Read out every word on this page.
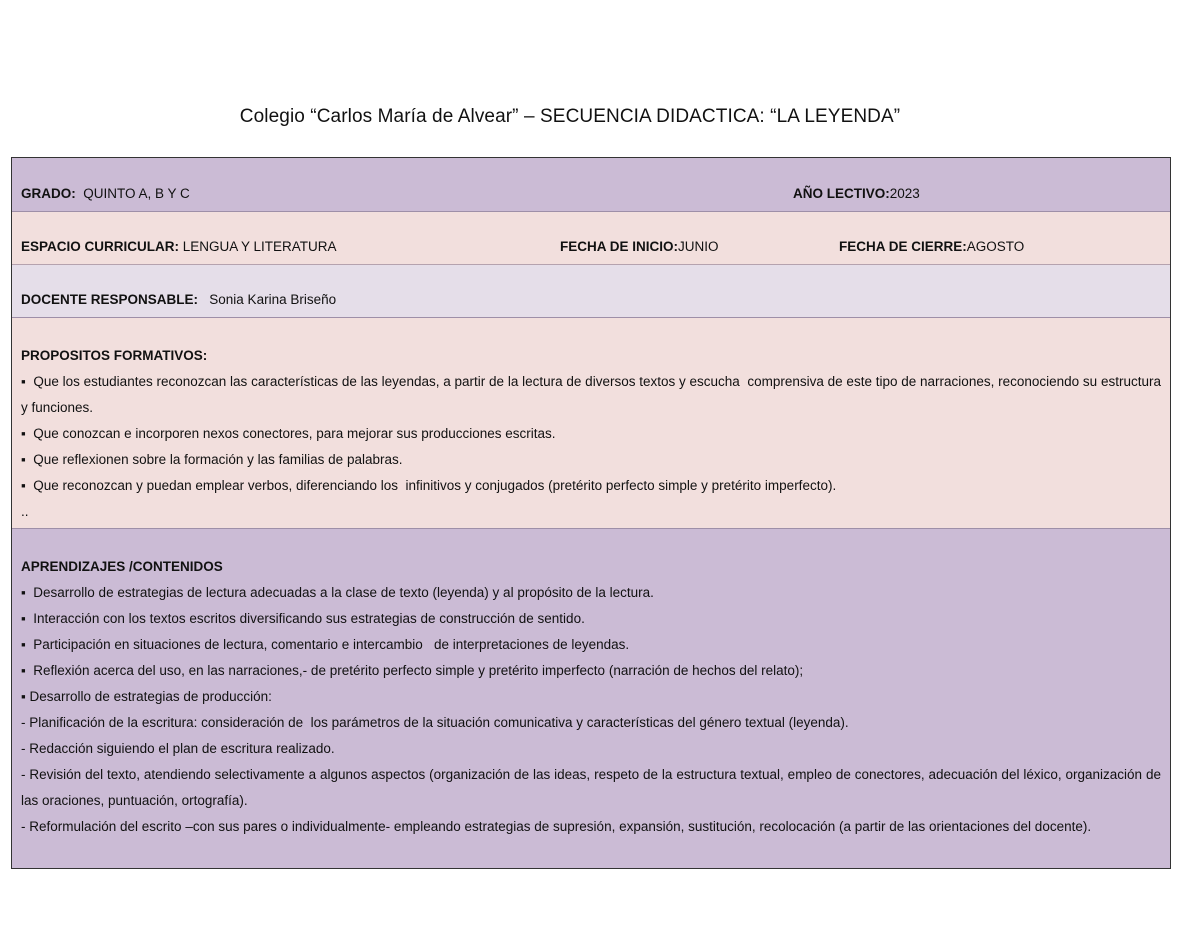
Colegio “Carlos María de Alvear” – SECUENCIA DIDACTICA: “LA LEYENDA”
GRADO:  QUINTO A, B Y C	AÑO LECTIVO:2023
ESPACIO CURRICULAR: LENGUA Y LITERATURA	FECHA DE INICIO:JUNIO	FECHA DE CIERRE:AGOSTO
DOCENTE RESPONSABLE:   Sonia Karina Briseño

PROPOSITOS FORMATIVOS:

▪  Que los estudiantes reconozcan las características de las leyendas, a partir de la lectura de diversos textos y escucha  comprensiva de este tipo de narraciones, reconociendo su estructura y funciones.

▪  Que conozcan e incorporen nexos conectores, para mejorar sus producciones escritas.

▪  Que reflexionen sobre la formación y las familias de palabras.

▪  Que reconozcan y puedan emplear verbos, diferenciando los  infinitivos y conjugados (pretérito perfecto simple y pretérito imperfecto).

..

APRENDIZAJES /CONTENIDOS

▪  Desarrollo de estrategias de lectura adecuadas a la clase de texto (leyenda) y al propósito de la lectura.

▪  Interacción con los textos escritos diversificando sus estrategias de construcción de sentido.

▪  Participación en situaciones de lectura, comentario e intercambio   de interpretaciones de leyendas.

▪  Reflexión acerca del uso, en las narraciones,- de pretérito perfecto simple y pretérito imperfecto (narración de hechos del relato);

▪ Desarrollo de estrategias de producción:

- Planificación de la escritura: consideración de  los parámetros de la situación comunicativa y características del género textual (leyenda).

- Redacción siguiendo el plan de escritura realizado.

- Revisión del texto, atendiendo selectivamente a algunos aspectos (organización de las ideas, respeto de la estructura textual, empleo de conectores, adecuación del léxico, organización de las oraciones, puntuación, ortografía).

- Reformulación del escrito –con sus pares o individualmente- empleando estrategias de supresión, expansión, sustitución, recolocación (a partir de las orientaciones del docente).
